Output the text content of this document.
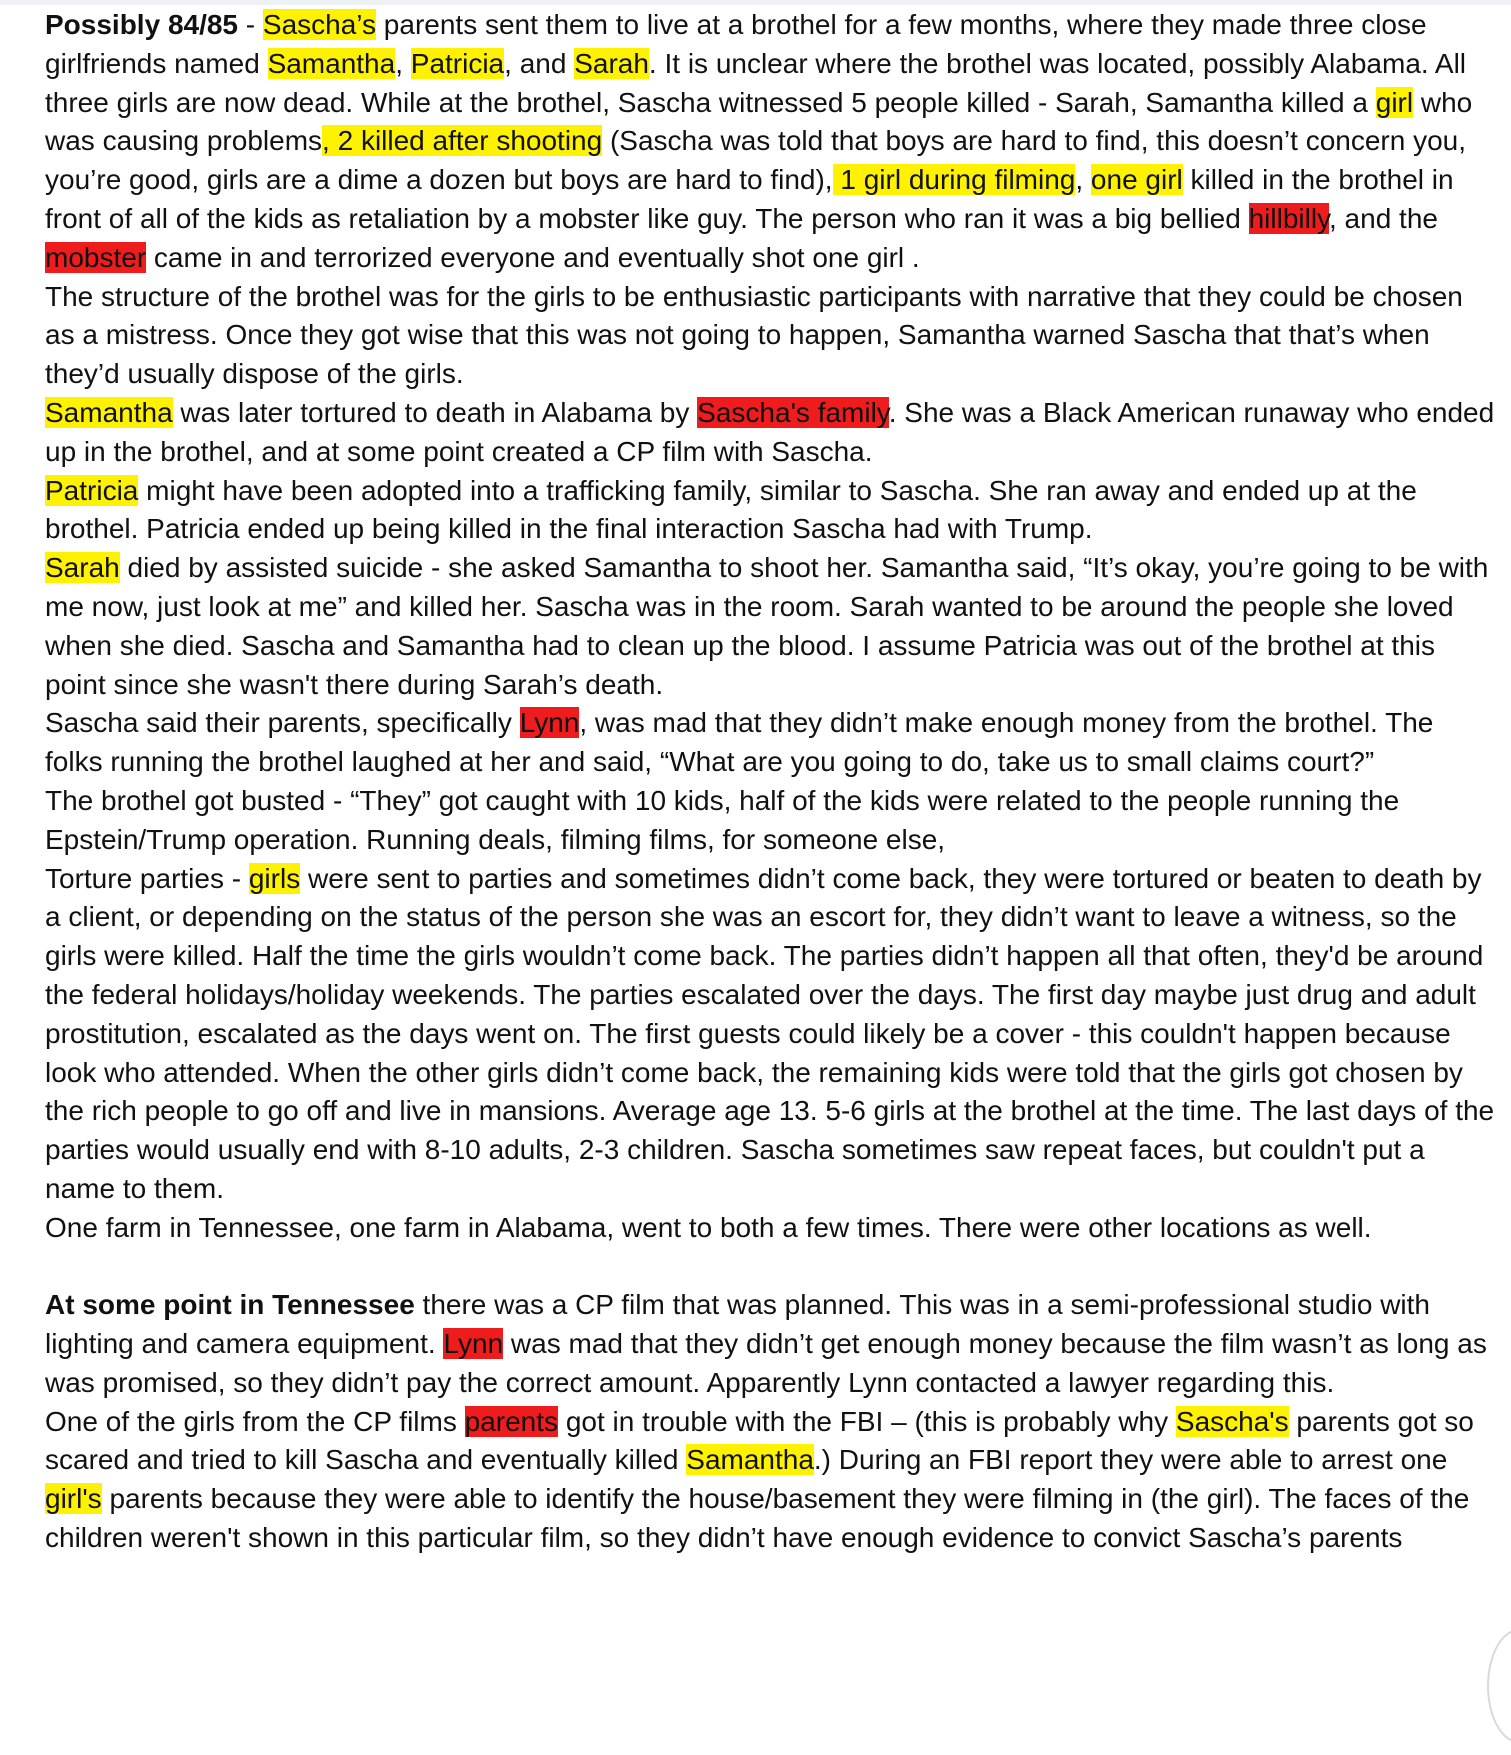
Possibly 84/85 - Sascha’s parents sent them to live at a brothel for a few months, where they made three close girlfriends named Samantha, Patricia, and Sarah. It is unclear where the brothel was located, possibly Alabama. All three girls are now dead. While at the brothel, Sascha witnessed 5 people killed - Sarah, Samantha killed a girl who was causing problems, 2 killed after shooting (Sascha was told that boys are hard to find, this doesn’t concern you, you’re good, girls are a dime a dozen but boys are hard to find), 1 girl during filming, one girl killed in the brothel in front of all of the kids as retaliation by a mobster like guy. The person who ran it was a big bellied hillbilly, and the mobster came in and terrorized everyone and eventually shot one girl .

The structure of the brothel was for the girls to be enthusiastic participants with narrative that they could be chosen as a mistress. Once they got wise that this was not going to happen, Samantha warned Sascha that that’s when they’d usually dispose of the girls.

Samantha was later tortured to death in Alabama by Sascha's family. She was a Black American runaway who ended up in the brothel, and at some point created a CP film with Sascha.

Patricia might have been adopted into a trafficking family, similar to Sascha. She ran away and ended up at the brothel. Patricia ended up being killed in the final interaction Sascha had with Trump.

Sarah died by assisted suicide - she asked Samantha to shoot her. Samantha said, “It’s okay, you’re going to be with me now, just look at me” and killed her. Sascha was in the room. Sarah wanted to be around the people she loved when she died. Sascha and Samantha had to clean up the blood. I assume Patricia was out of the brothel at this point since she wasn't there during Sarah’s death.

Sascha said their parents, specifically Lynn, was mad that they didn’t make enough money from the brothel. The folks running the brothel laughed at her and said, “What are you going to do, take us to small claims court?”

The brothel got busted - “They” got caught with 10 kids, half of the kids were related to the people running the Epstein/Trump operation. Running deals, filming films, for someone else,

Torture parties - girls were sent to parties and sometimes didn’t come back, they were tortured or beaten to death by a client, or depending on the status of the person she was an escort for, they didn’t want to leave a witness, so the girls were killed. Half the time the girls wouldn’t come back. The parties didn’t happen all that often, they'd be around the federal holidays/holiday weekends. The parties escalated over the days. The first day maybe just drug and adult prostitution, escalated as the days went on. The first guests could likely be a cover - this couldn't happen because look who attended. When the other girls didn’t come back, the remaining kids were told that the girls got chosen by the rich people to go off and live in mansions. Average age 13. 5-6 girls at the brothel at the time. The last days of the parties would usually end with 8-10 adults, 2-3 children. Sascha sometimes saw repeat faces, but couldn't put a name to them.

One farm in Tennessee, one farm in Alabama, went to both a few times. There were other locations as well.

At some point in Tennessee there was a CP film that was planned. This was in a semi-professional studio with lighting and camera equipment. Lynn was mad that they didn’t get enough money because the film wasn’t as long as was promised, so they didn’t pay the correct amount. Apparently Lynn contacted a lawyer regarding this.

One of the girls from the CP films parents got in trouble with the FBI – (this is probably why Sascha's parents got so scared and tried to kill Sascha and eventually killed Samantha.) During an FBI report they were able to arrest one girl's parents because they were able to identify the house/basement they were filming in (the girl). The faces of the children weren't shown in this particular film, so they didn’t have enough evidence to convict Sascha’s parents
